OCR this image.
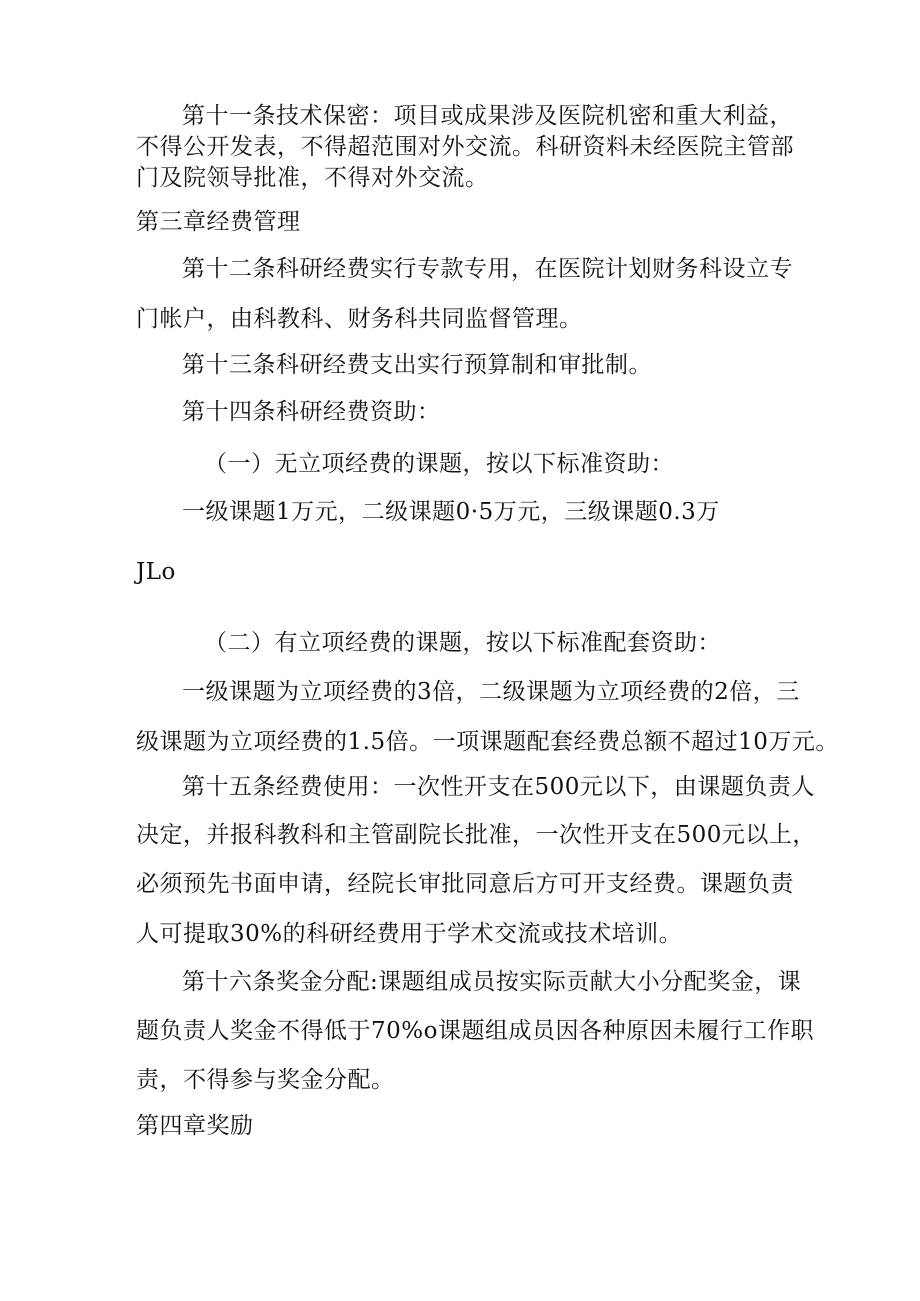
第十一条技术保密：项目或成果涉及医院机密和重大利益，
不得公开发表，不得超范围对外交流。科研资料未经医院主管部
门及院领导批准，不得对外交流。
第三章经费管理
第十二条科研经费实行专款专用，在医院计划财务科设立专
门帐户，由科教科、财务科共同监督管理。
第十三条科研经费支出实行预算制和审批制。
第十四条科研经费资助：
（一）无立项经费的课题，按以下标准资助：
一级课题1万元，二级课题0·5万元，三级课题0.3万
JLo
（二）有立项经费的课题，按以下标准配套资助：
一级课题为立项经费的3倍，二级课题为立项经费的2倍，三
级课题为立项经费的1.5倍。一项课题配套经费总额不超过10万元。
第十五条经费使用：一次性开支在500元以下，由课题负责人
决定，并报科教科和主管副院长批准，一次性开支在500元以上，
必须预先书面申请，经院长审批同意后方可开支经费。课题负责
人可提取30%的科研经费用于学术交流或技术培训。
第十六条奖金分配:课题组成员按实际贡献大小分配奖金，课
题负责人奖金不得低于70%o课题组成员因各种原因未履行工作职
责，不得参与奖金分配。
第四章奖励
